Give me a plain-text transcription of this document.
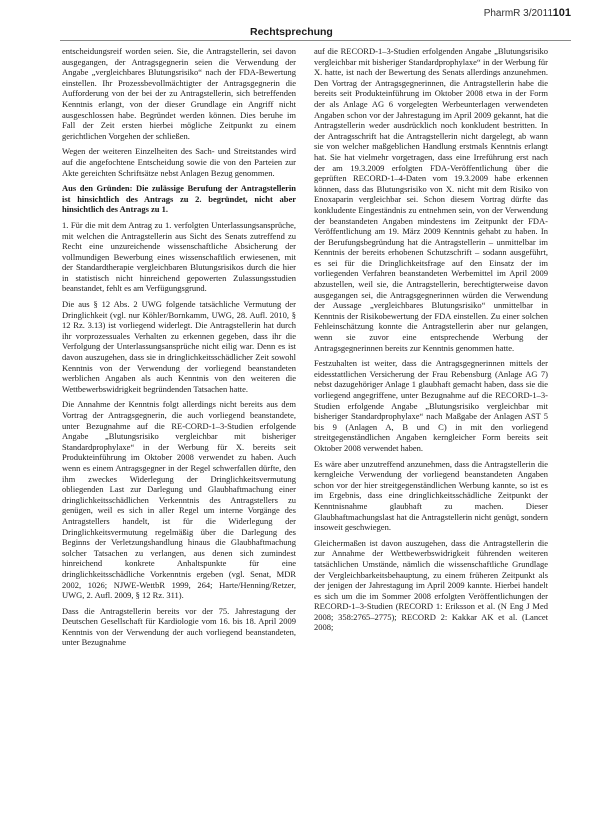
Rechtsprechung
PharmR 3/2011 101

entscheidungsreif worden seien. Sie, die Antragstellerin, sei davon ausgegangen, der Antragsgegnerin seien die Verwendung der Angabe „vergleichbares Blutungsrisiko“ nach der FDA-Bewertung einstellen. Ihr Prozessbevollmächtigter der Antragsgegnerin die Aufforderung von der bei der zu Antragstellerin, sich betreffenden Kenntnis erlangt, von der dieser Grundlage ein Angriff nicht ausgeschlossen habe. Begründet werden können. Dies beruhe im Fall der Zeit ersten hierbei mögliche Zeitpunkt zu einem gerichtlichen Vorgehen der schließen.

Wegen der weiteren Einzelheiten des Sach- und Streitstandes wird auf die angefochtene Entscheidung sowie die von den Parteien zur Akte gereichten Schriftsätze nebst Anlagen Bezug genommen.

Aus den Gründen: Die zulässige Berufung der Antragstellerin ist hinsichtlich des Antrags zu 2. begründet, nicht aber hinsichtlich des Antrags zu 1.

1. Für die mit dem Antrag zu 1. verfolgten Unterlassungsansprüche, mit welchen die Antragstellerin aus Sicht des Senats zutreffend zu Recht eine unzureichende wissenschaftliche Absicherung der vollmundigen Bewerbung eines wissenschaftlich erwiesenen, mit der Standardtherapie vergleichbaren Blutungsrisikos durch die hier in statistisch nicht hinreichend gepowerten Zulassungsstudien beanstandet, fehlt es am Verfügungsgrund.

Die aus § 12 Abs. 2 UWG folgende tatsächliche Vermutung der Dringlichkeit (vgl. nur Köhler/Bornkamm, UWG, 28. Aufl. 2010, § 12 Rz. 3.13) ist vorliegend widerlegt. Die Antragstellerin hat durch ihr vorprozessuales Verhalten zu erkennen gegeben, dass ihr die Verfolgung der Unterlassungsansprüche nicht eilig war. Denn es ist davon auszugehen, dass sie in dringlichkeitsschädlicher Zeit sowohl Kenntnis von der Verwendung der vorliegend beanstandeten werblichen Angaben als auch Kenntnis von den weiteren die Wettbewerbswidrigkeit begründenden Tatsachen hatte.

Die Annahme der Kenntnis folgt allerdings nicht bereits aus dem Vortrag der Antragsgegnerin, die auch vorliegend beanstandete, unter Bezugnahme auf die RE-CORD-1–3-Studien erfolgende Angabe „Blutungsrisiko vergleichbar mit bisheriger Standardprophylaxe“ in der Werbung für X. bereits seit Produkteinführung im Oktober 2008 verwendet zu haben. Auch wenn es einem Antragsgegner in der Regel schwerfallen dürfte, den ihm zweckes Widerlegung der Dringlichkeitsvermutung obliegenden Last zur Darlegung und Glaubhaftmachung einer dringlichkeitsschädlichen Verkenntnis des Antragstellers zu genügen, weil es sich in aller Regel um interne Vorgänge des Antragstellers handelt, ist für die Widerlegung der Dringlichkeitsvermutung regelmäßig über die Darlegung des Beginns der Verletzungshandlung hinaus die Glaubhaftmachung solcher Tatsachen zu verlangen, aus denen sich zumindest hinreichend konkrete Anhaltspunkte für eine dringlichkeitsschädliche Vorkenntnis ergeben (vgl. Senat, MDR 2002, 1026; NJWE-WettbR 1999, 264; Harte/Henning/Retzer, UWG, 2. Aufl. 2009, § 12 Rz. 311).

Dass die Antragstellerin bereits vor der 75. Jahrestagung der Deutschen Gesellschaft für Kardiologie vom 16. bis 18. April 2009 Kenntnis von der Verwendung der auch vorliegend beanstandeten, unter Bezugnahme

auf die RECORD-1–3-Studien erfolgenden Angabe „Blutungsrisiko vergleichbar mit bisheriger Standardprophylaxe“ in der Werbung für X. hatte, ist nach der Bewertung des Senats allerdings anzunehmen. Den Vortrag der Antragsgegnerinnen, die Antragstellerin habe die bereits seit Produkteinführung im Oktober 2008 etwa in der Form der als Anlage AG 6 vorgelegten Werbeunterlagen verwendeten Angaben schon vor der Jahrestagung im April 2009 gekannt, hat die Antragstellerin weder ausdrücklich noch konkludent bestritten. In der Antragsschrift hat die Antragstellerin nicht dargelegt, ab wann sie von welcher maßgeblichen Handlung erstmals Kenntnis erlangt hat. Sie hat vielmehr vorgetragen, dass eine Irreführung erst nach der am 19.3.2009 erfolgten FDA-Veröffentlichung über die geprüften RECORD-1–4-Daten vom 19.3.2009 habe erkennen können, dass das Blutungsrisiko von X. nicht mit dem Risiko von Enoxaparin vergleichbar sei. Schon diesem Vortrag dürfte das konkludente Eingeständnis zu entnehmen sein, von der Verwendung der beanstandeten Angaben mindestens im Zeitpunkt der FDA-Veröffentlichung am 19. März 2009 Kenntnis gehabt zu haben. In der Berufungsbegründung hat die Antragstellerin – unmittelbar im Kenntnis der bereits erhobenen Schutzschrift – sodann ausgeführt, es sei für die Dringlichkeitsfrage auf den Einsatz der im vorliegenden Verfahren beanstandeten Werbemittel im April 2009 abzustellen, weil sie, die Antragstellerin, berechtigterweise davon ausgegangen sei, die Antragsgegnerinnen würden die Verwendung der Aussage „vergleichbares Blutungsrisiko“ unmittelbar in Kenntnis der Risikobewertung der FDA einstellen. Zu einer solchen Fehleinschätzung konnte die Antragstellerin aber nur gelangen, wenn sie zuvor eine entsprechende Werbung der Antragsgegnerinnen bereits zur Kenntnis genommen hatte.

Festzuhalten ist weiter, dass die Antragsgegnerinnen mittels der eidesstattlichen Versicherung der Frau Rebensburg (Anlage AG 7) nebst dazugehöriger Anlage 1 glaubhaft gemacht haben, dass sie die vorliegend angegriffene, unter Bezugnahme auf die RECORD-1–3-Studien erfolgende Angabe „Blutungsrisiko vergleichbar mit bisheriger Standardprophylaxe“ nach Maßgabe der Anlagen AST 5 bis 9 (Anlagen A, B und C) in mit den vorliegend streitgegenständlichen Angaben kerngleicher Form bereits seit Oktober 2008 verwendet haben.

Es wäre aber unzutreffend anzunehmen, dass die Antragstellerin die kerngleiche Verwendung der vorliegend beanstandeten Angaben schon vor der hier streitgegenständlichen Werbung kannte, so ist es im Ergebnis, dass eine dringlichkeitsschädliche Zeitpunkt der Kenntnisnahme glaubhaft zu machen. Dieser Glaubhaftmachungslast hat die Antragstellerin nicht genügt, sondern insoweit geschwiegen.

Gleichermaßen ist davon auszugehen, dass die Antragstellerin die zur Annahme der Wettbewerbswidrigkeit führenden weiteren tatsächlichen Umstände, nämlich die wissenschaftliche Grundlage der Vergleichbarkeitsbehauptung, zu einem früheren Zeitpunkt als der jenigen der Jahrestagung im April 2009 kannte. Hierbei handelt es sich um die im Sommer 2008 erfolgten Veröffentlichungen der RECORD-1–3-Studien (RECORD 1: Eriksson et al. (N Eng J Med 2008; 358:2765–2775); RECORD 2: Kakkar AK et al. (Lancet 2008;
